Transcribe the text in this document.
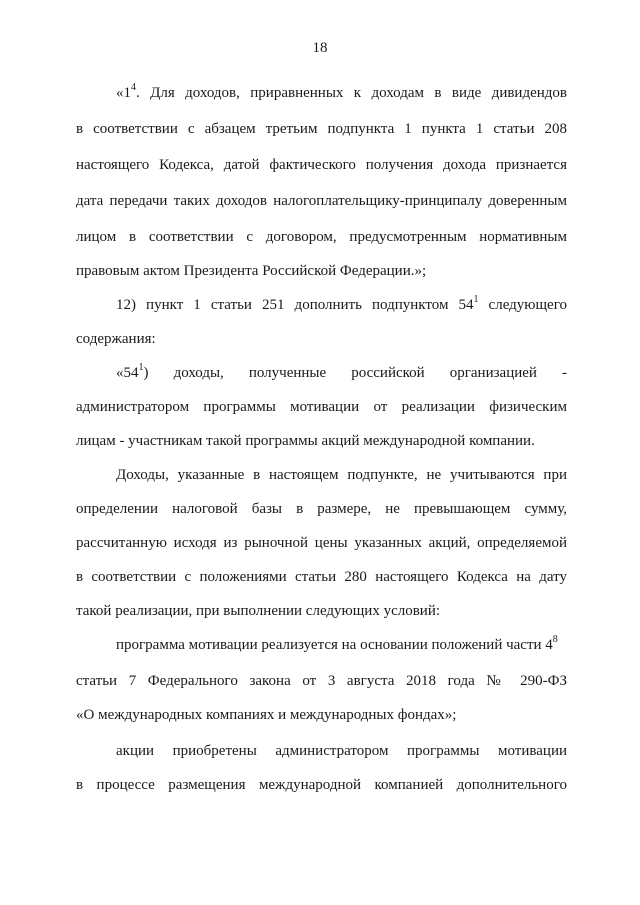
18
«$1^4$. Для доходов, приравненных к доходам в виде дивидендов
в соответствии с абзацем третьим подпункта 1 пункта 1 статьи 208
настоящего Кодекса, датой фактического получения дохода признается
дата передачи таких доходов налогоплательщику-принципалу доверенным
лицом в соответствии с договором, предусмотренным нормативным
правовым актом Президента Российской Федерации.»;
12) пункт 1 статьи 251 дополнить подпунктом $54^1$ следующего
содержания:
«$54^1$) доходы, полученные российской организацией -
администратором программы мотивации от реализации физическим
лицам - участникам такой программы акций международной компании.
Доходы, указанные в настоящем подпункте, не учитываются при
определении налоговой базы в размере, не превышающем сумму,
рассчитанную исходя из рыночной цены указанных акций, определяемой
в соответствии с положениями статьи 280 настоящего Кодекса на дату
такой реализации, при выполнении следующих условий:
программа мотивации реализуется на основании положений части $4^8$
статьи 7 Федерального закона от 3 августа 2018 года № 290-ФЗ
«О международных компаниях и международных фондах»;
акции приобретены администратором программы мотивации
в процессе размещения международной компанией дополнительного
